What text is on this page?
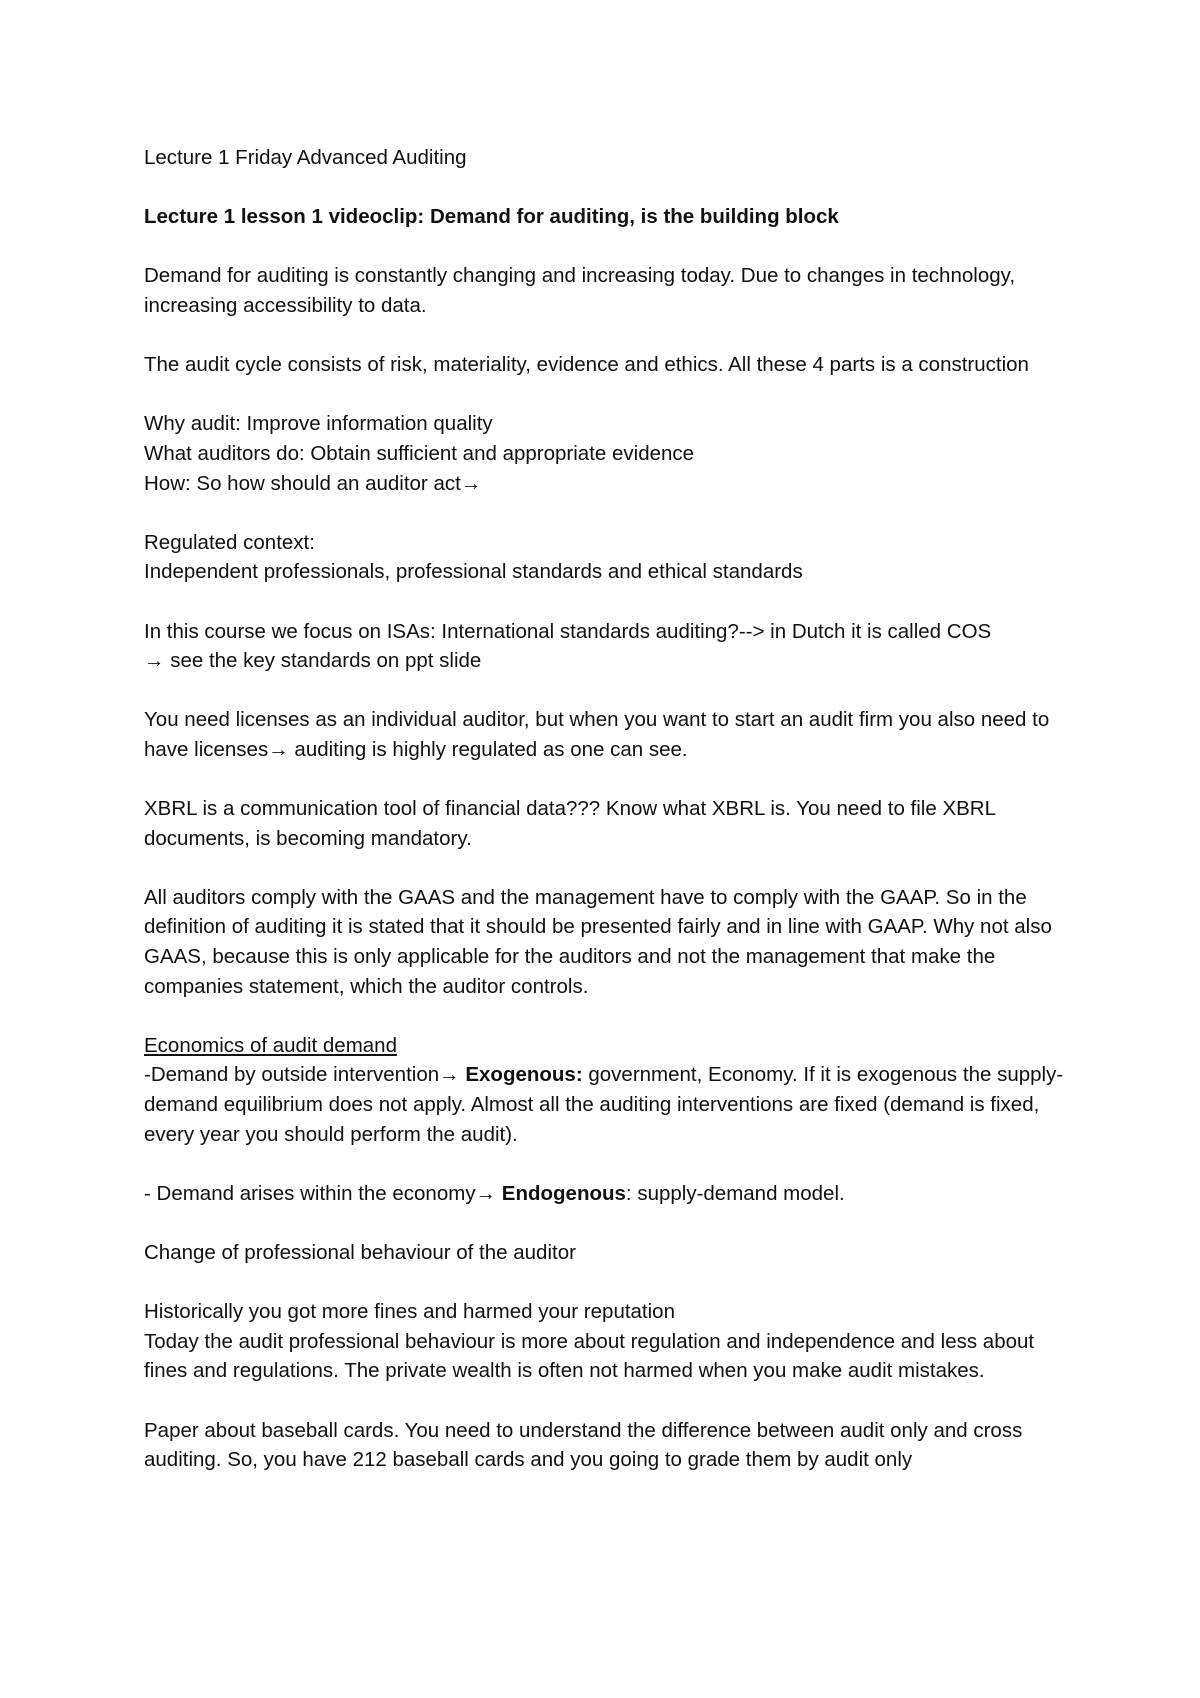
Lecture 1 Friday Advanced Auditing

Lecture 1 lesson 1 videoclip: Demand for auditing, is the building block

Demand for auditing is constantly changing and increasing today. Due to changes in technology, increasing accessibility to data.

The audit cycle consists of risk, materiality, evidence and ethics. All these 4 parts is a construction

Why audit: Improve information quality
What auditors do: Obtain sufficient and appropriate evidence
How: So how should an auditor act→

Regulated context:
Independent professionals, professional standards and ethical standards

In this course we focus on ISAs: International standards auditing?--> in Dutch it is called COS
→ see the key standards on ppt slide

You need licenses as an individual auditor, but when you want to start an audit firm you also need to have licenses→ auditing is highly regulated as one can see.

XBRL is a communication tool of financial data??? Know what XBRL is. You need to file XBRL documents, is becoming mandatory.

All auditors comply with the GAAS and the management have to comply with the GAAP. So in the definition of auditing it is stated that it should be presented fairly and in line with GAAP. Why not also GAAS, because this is only applicable for the auditors and not the management that make the companies statement, which the auditor controls.

Economics of audit demand
-Demand by outside intervention→ Exogenous: government, Economy. If it is exogenous the supply-demand equilibrium does not apply. Almost all the auditing interventions are fixed (demand is fixed, every year you should perform the audit).

- Demand arises within the economy→ Endogenous: supply-demand model.

Change of professional behaviour of the auditor

Historically you got more fines and harmed your reputation
Today the audit professional behaviour is more about regulation and independence and less about fines and regulations. The private wealth is often not harmed when you make audit mistakes.

Paper about baseball cards. You need to understand the difference between audit only and cross auditing. So, you have 212 baseball cards and you going to grade them by audit only
